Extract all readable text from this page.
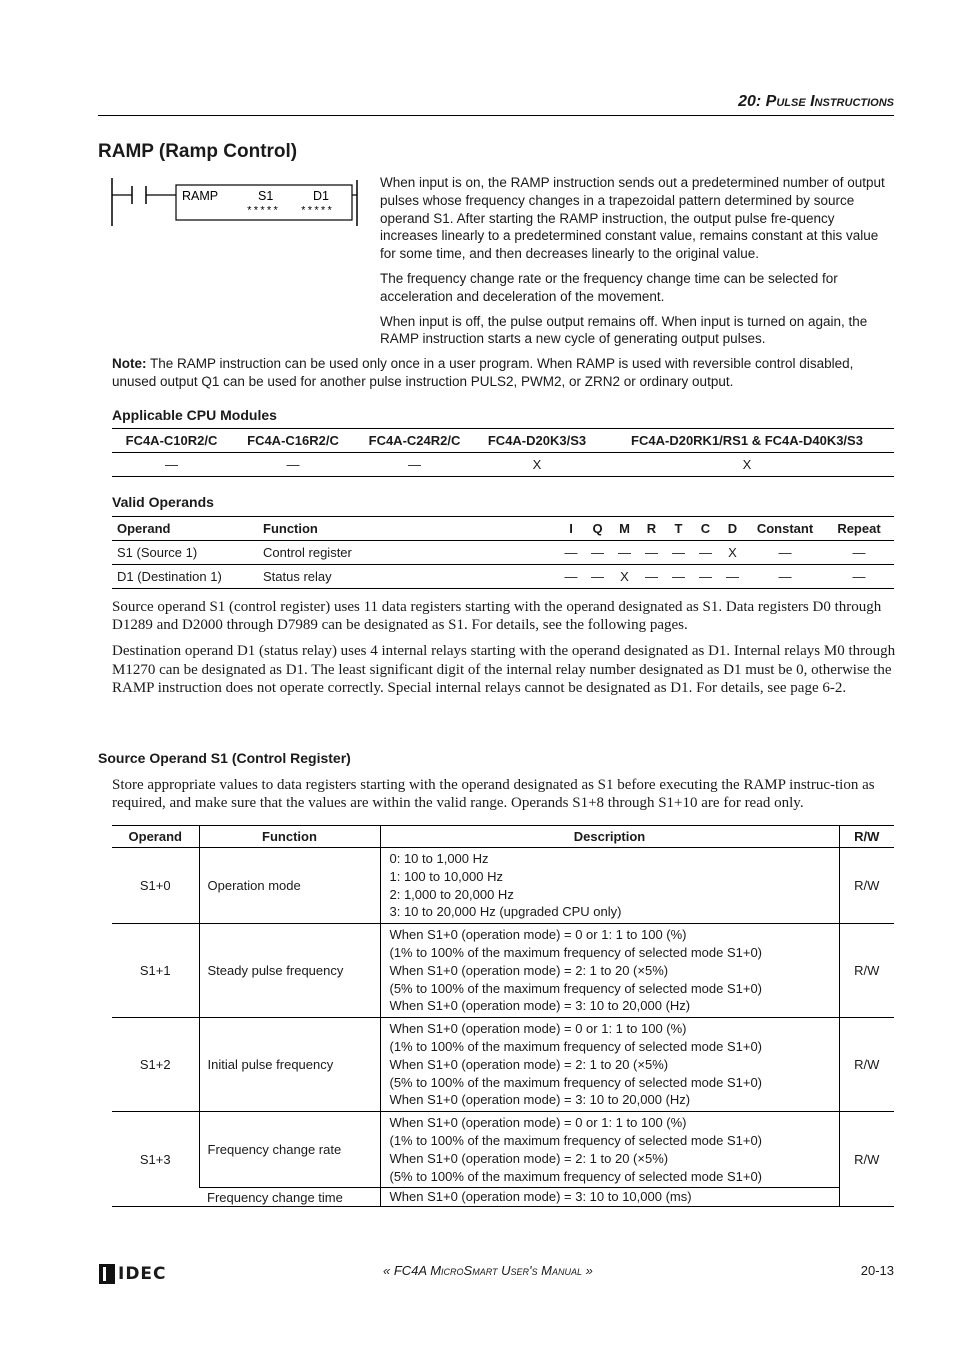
20: Pulse Instructions
RAMP (Ramp Control)
RAMP	S1	D1
***** *****

When input is on, the RAMP instruction sends out a predetermined number of output pulses whose frequency changes in a trapezoidal pattern determined by source operand S1. After starting the RAMP instruction, the output pulse fre-quency increases linearly to a predetermined constant value, remains constant at this value for some time, and then decreases linearly to the original value.

The frequency change rate or the frequency change time can be selected for acceleration and deceleration of the movement.

When input is off, the pulse output remains off. When input is turned on again, the RAMP instruction starts a new cycle of generating output pulses.

Note: The RAMP instruction can be used only once in a user program. When RAMP is used with reversible control disabled, unused output Q1 can be used for another pulse instruction PULS2, PWM2, or ZRN2 or ordinary output.
Applicable CPU Modules
FC4A-C10R2/C	FC4A-C16R2/C	FC4A-C24R2/C	FC4A-D20K3/S3	FC4A-D20RK1/RS1 & FC4A-D40K3/S3
—	—	—	X	X
Valid Operands
Operand	Function	I	Q	M	R	T	C	D	Constant	Repeat
S1 (Source 1)	Control register	—	—	—	—	—	—	X	—	—
D1 (Destination 1)	Status relay	—	—	X	—	—	—	—	—	—

Source operand S1 (control register) uses 11 data registers starting with the operand designated as S1. Data registers D0 through D1289 and D2000 through D7989 can be designated as S1. For details, see the following pages.

Destination operand D1 (status relay) uses 4 internal relays starting with the operand designated as D1. Internal relays M0 through M1270 can be designated as D1. The least significant digit of the internal relay number designated as D1 must be 0, otherwise the RAMP instruction does not operate correctly. Special internal relays cannot be designated as D1. For details, see page 6-2.

Source Operand S1 (Control Register)

Store appropriate values to data registers starting with the operand designated as S1 before executing the RAMP instruc-tion as required, and make sure that the values are within the valid range. Operands S1+8 through S1+10 are for read only.

Operand	Function	Description	R/W
S1+0	Operation mode	0: 10 to 1,000 Hz
1: 100 to 10,000 Hz
2: 1,000 to 20,000 Hz
3: 10 to 20,000 Hz (upgraded CPU only)	R/W
S1+1	Steady pulse frequency	When S1+0 (operation mode) = 0 or 1: 1 to 100 (%)
(1% to 100% of the maximum frequency of selected mode S1+0)
When S1+0 (operation mode) = 2: 1 to 20 (×5%)
(5% to 100% of the maximum frequency of selected mode S1+0)
When S1+0 (operation mode) = 3: 10 to 20,000 (Hz)	R/W
S1+2	Initial pulse frequency	When S1+0 (operation mode) = 0 or 1: 1 to 100 (%)
(1% to 100% of the maximum frequency of selected mode S1+0)
When S1+0 (operation mode) = 2: 1 to 20 (×5%)
(5% to 100% of the maximum frequency of selected mode S1+0)
When S1+0 (operation mode) = 3: 10 to 20,000 (Hz)	R/W
S1+3	Frequency change rate	When S1+0 (operation mode) = 0 or 1: 1 to 100 (%)
(1% to 100% of the maximum frequency of selected mode S1+0)
When S1+0 (operation mode) = 2: 1 to 20 (×5%)
(5% to 100% of the maximum frequency of selected mode S1+0)	R/W
	Frequency change time	When S1+0 (operation mode) = 3: 10 to 10,000 (ms)	
IDEC	« FC4A MicroSmart User's Manual »	20-13
